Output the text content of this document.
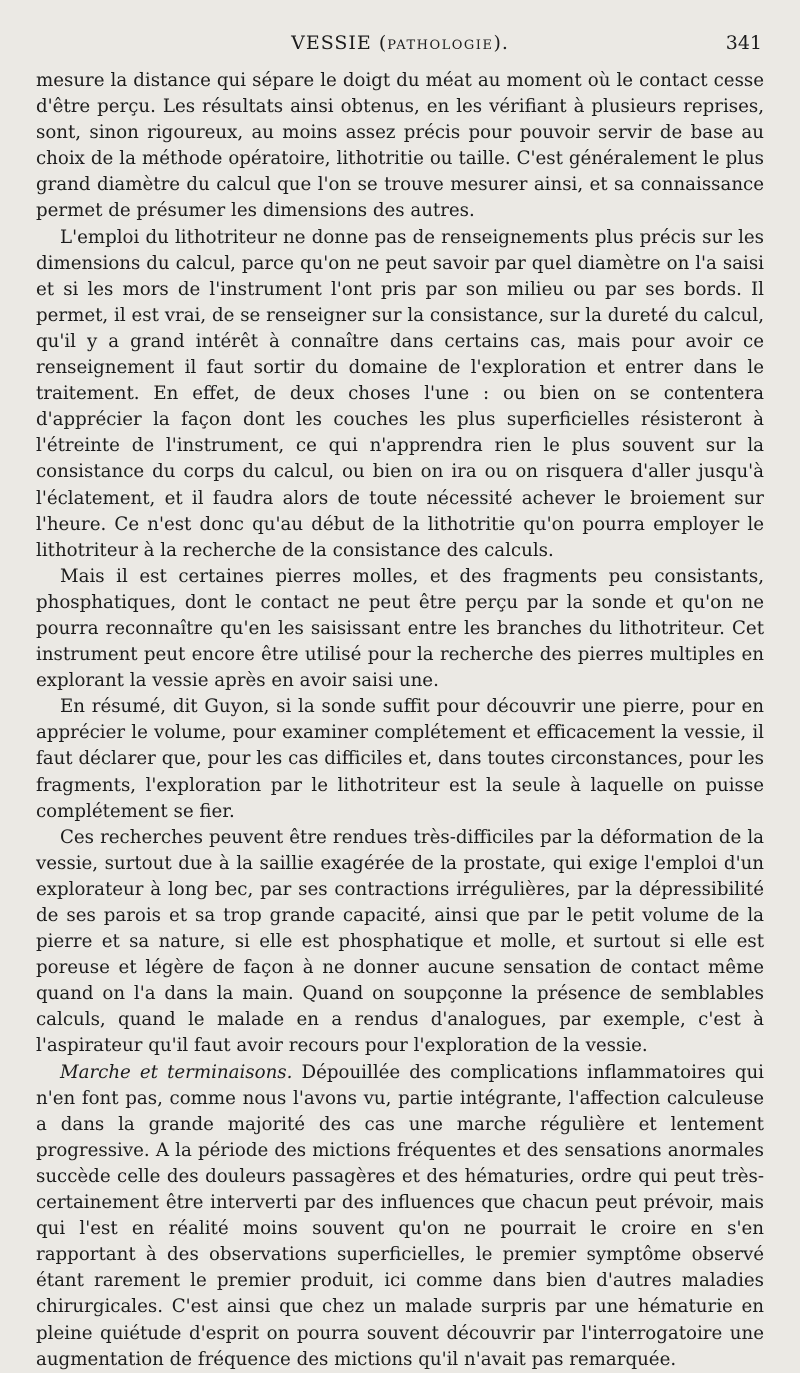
VESSIE (PATHOLOGIE).	341

mesure la distance qui sépare le doigt du méat au moment où le contact cesse d'être perçu. Les résultats ainsi obtenus, en les vérifiant à plusieurs reprises, sont, sinon rigoureux, au moins assez précis pour pouvoir servir de base au choix de la méthode opératoire, lithotritie ou taille. C'est généralement le plus grand diamètre du calcul que l'on se trouve mesurer ainsi, et sa connaissance permet de présumer les dimensions des autres.

L'emploi du lithotriteur ne donne pas de renseignements plus précis sur les dimensions du calcul, parce qu'on ne peut savoir par quel diamètre on l'a saisi et si les mors de l'instrument l'ont pris par son milieu ou par ses bords. Il permet, il est vrai, de se renseigner sur la consistance, sur la dureté du calcul, qu'il y a grand intérêt à connaître dans certains cas, mais pour avoir ce renseignement il faut sortir du domaine de l'exploration et entrer dans le traitement. En effet, de deux choses l'une : ou bien on se contentera d'apprécier la façon dont les couches les plus superficielles résisteront à l'étreinte de l'instrument, ce qui n'apprendra rien le plus souvent sur la consistance du corps du calcul, ou bien on ira ou on risquera d'aller jusqu'à l'éclatement, et il faudra alors de toute nécessité achever le broiement sur l'heure. Ce n'est donc qu'au début de la lithotritie qu'on pourra employer le lithotriteur à la recherche de la consistance des calculs.

Mais il est certaines pierres molles, et des fragments peu consistants, phosphatiques, dont le contact ne peut être perçu par la sonde et qu'on ne pourra reconnaître qu'en les saisissant entre les branches du lithotriteur. Cet instrument peut encore être utilisé pour la recherche des pierres multiples en explorant la vessie après en avoir saisi une.

En résumé, dit Guyon, si la sonde suffit pour découvrir une pierre, pour en apprécier le volume, pour examiner complétement et efficacement la vessie, il faut déclarer que, pour les cas difficiles et, dans toutes circonstances, pour les fragments, l'exploration par le lithotriteur est la seule à laquelle on puisse complétement se fier.

Ces recherches peuvent être rendues très-difficiles par la déformation de la vessie, surtout due à la saillie exagérée de la prostate, qui exige l'emploi d'un explorateur à long bec, par ses contractions irrégulières, par la dépressibilité de ses parois et sa trop grande capacité, ainsi que par le petit volume de la pierre et sa nature, si elle est phosphatique et molle, et surtout si elle est poreuse et légère de façon à ne donner aucune sensation de contact même quand on l'a dans la main. Quand on soupçonne la présence de semblables calculs, quand le malade en a rendus d'analogues, par exemple, c'est à l'aspirateur qu'il faut avoir recours pour l'exploration de la vessie.

Marche et terminaisons. Dépouillée des complications inflammatoires qui n'en font pas, comme nous l'avons vu, partie intégrante, l'affection calculeuse a dans la grande majorité des cas une marche régulière et lentement progressive. A la période des mictions fréquentes et des sensations anormales succède celle des douleurs passagères et des hématuries, ordre qui peut très-certainement être interverti par des influences que chacun peut prévoir, mais qui l'est en réalité moins souvent qu'on ne pourrait le croire en s'en rapportant à des observations superficielles, le premier symptôme observé étant rarement le premier produit, ici comme dans bien d'autres maladies chirurgicales. C'est ainsi que chez un malade surpris par une hématurie en pleine quiétude d'esprit on pourra souvent découvrir par l'interrogatoire une augmentation de fréquence des mictions qu'il n'avait pas remarquée.
